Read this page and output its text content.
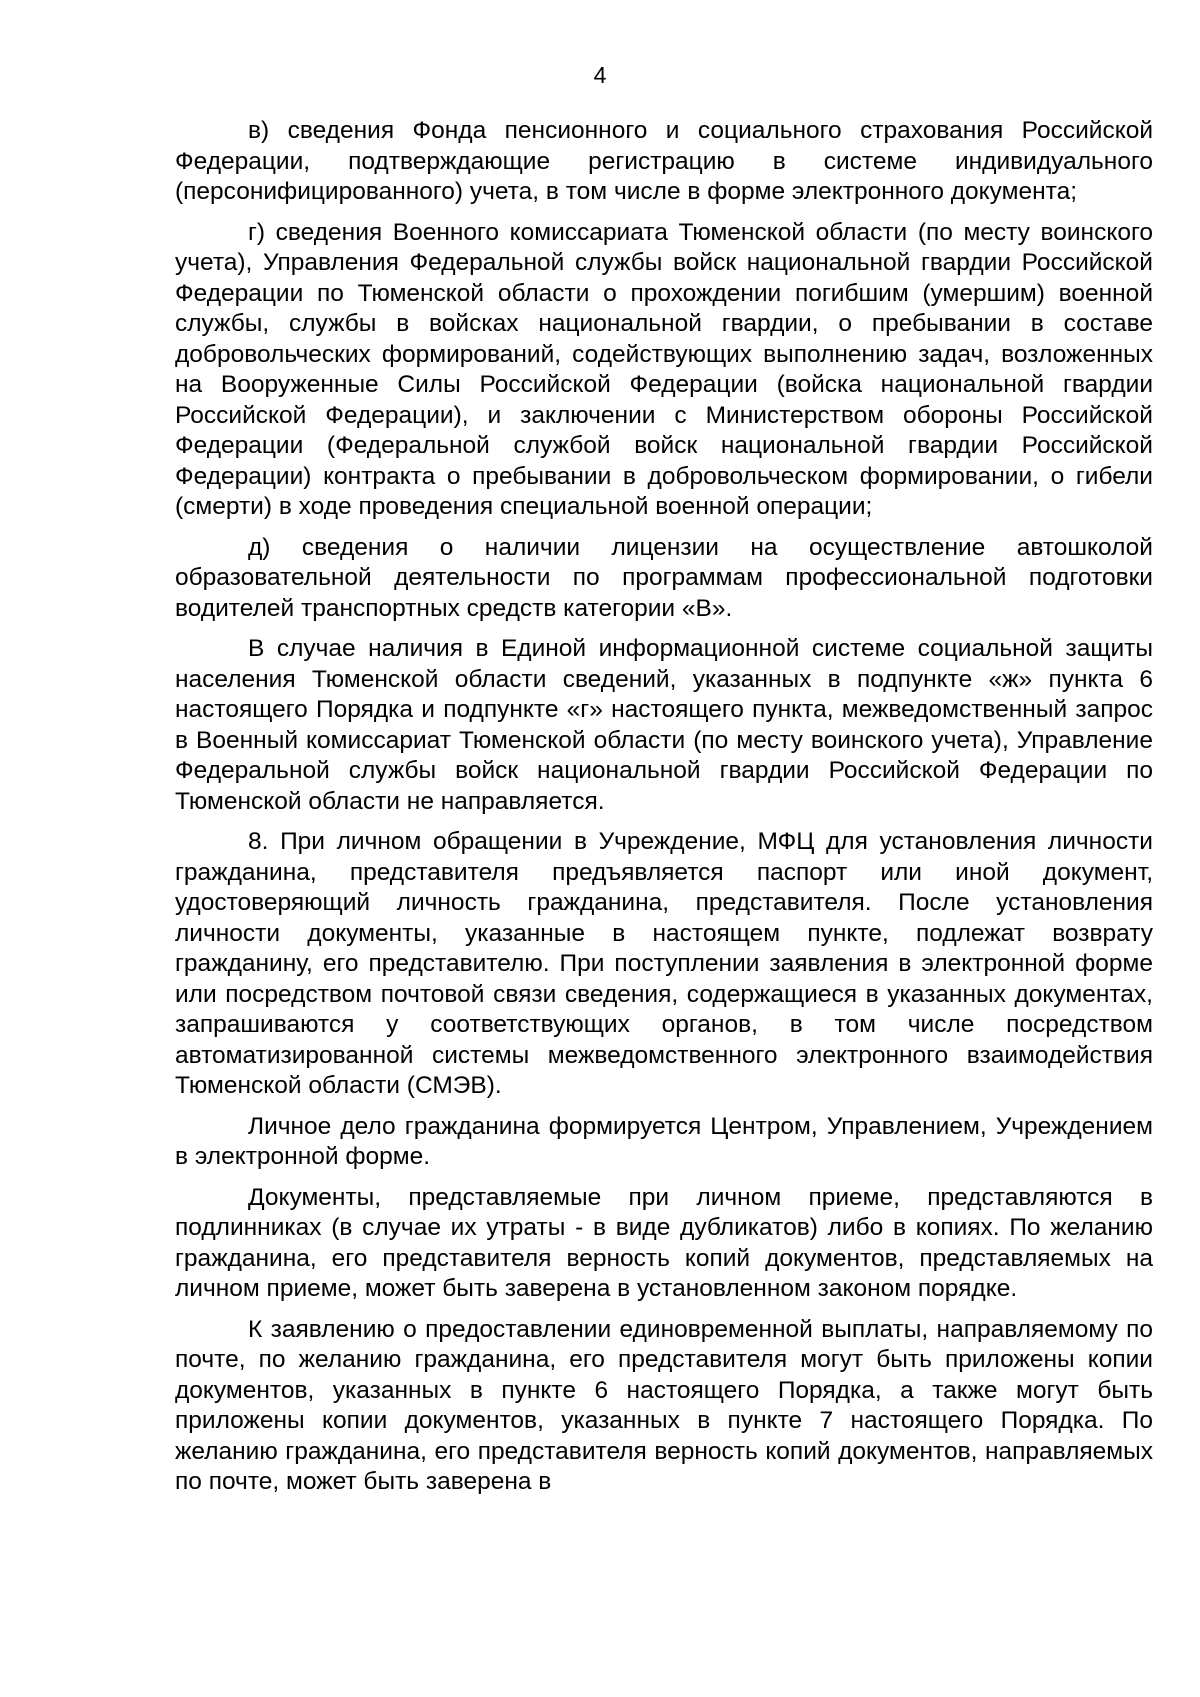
4

в) сведения Фонда пенсионного и социального страхования Российской Федерации, подтверждающие регистрацию в системе индивидуального (персонифицированного) учета, в том числе в форме электронного документа;

г) сведения Военного комиссариата Тюменской области (по месту воинского учета), Управления Федеральной службы войск национальной гвардии Российской Федерации по Тюменской области о прохождении погибшим (умершим) военной службы, службы в войсках национальной гвардии, о пребывании в составе добровольческих формирований, содействующих выполнению задач, возложенных на Вооруженные Силы Российской Федерации (войска национальной гвардии Российской Федерации), и заключении с Министерством обороны Российской Федерации (Федеральной службой войск национальной гвардии Российской Федерации) контракта о пребывании в добровольческом формировании, о гибели (смерти) в ходе проведения специальной военной операции;

д) сведения о наличии лицензии на осуществление автошколой образовательной деятельности по программам профессиональной подготовки водителей транспортных средств категории «В».

В случае наличия в Единой информационной системе социальной защиты населения Тюменской области сведений, указанных в подпункте «ж» пункта 6 настоящего Порядка и подпункте «г» настоящего пункта, межведомственный запрос в Военный комиссариат Тюменской области (по месту воинского учета), Управление Федеральной службы войск национальной гвардии Российской Федерации по Тюменской области не направляется.

8. При личном обращении в Учреждение, МФЦ для установления личности гражданина, представителя предъявляется паспорт или иной документ, удостоверяющий личность гражданина, представителя. После установления личности документы, указанные в настоящем пункте, подлежат возврату гражданину, его представителю. При поступлении заявления в электронной форме или посредством почтовой связи сведения, содержащиеся в указанных документах, запрашиваются у соответствующих органов, в том числе посредством автоматизированной системы межведомственного электронного взаимодействия Тюменской области (СМЭВ).

Личное дело гражданина формируется Центром, Управлением, Учреждением в электронной форме.

Документы, представляемые при личном приеме, представляются в подлинниках (в случае их утраты - в виде дубликатов) либо в копиях. По желанию гражданина, его представителя верность копий документов, представляемых на личном приеме, может быть заверена в установленном законом порядке.

К заявлению о предоставлении единовременной выплаты, направляемому по почте, по желанию гражданина, его представителя могут быть приложены копии документов, указанных в пункте 6 настоящего Порядка, а также могут быть приложены копии документов, указанных в пункте 7 настоящего Порядка. По желанию гражданина, его представителя верность копий документов, направляемых по почте, может быть заверена в
